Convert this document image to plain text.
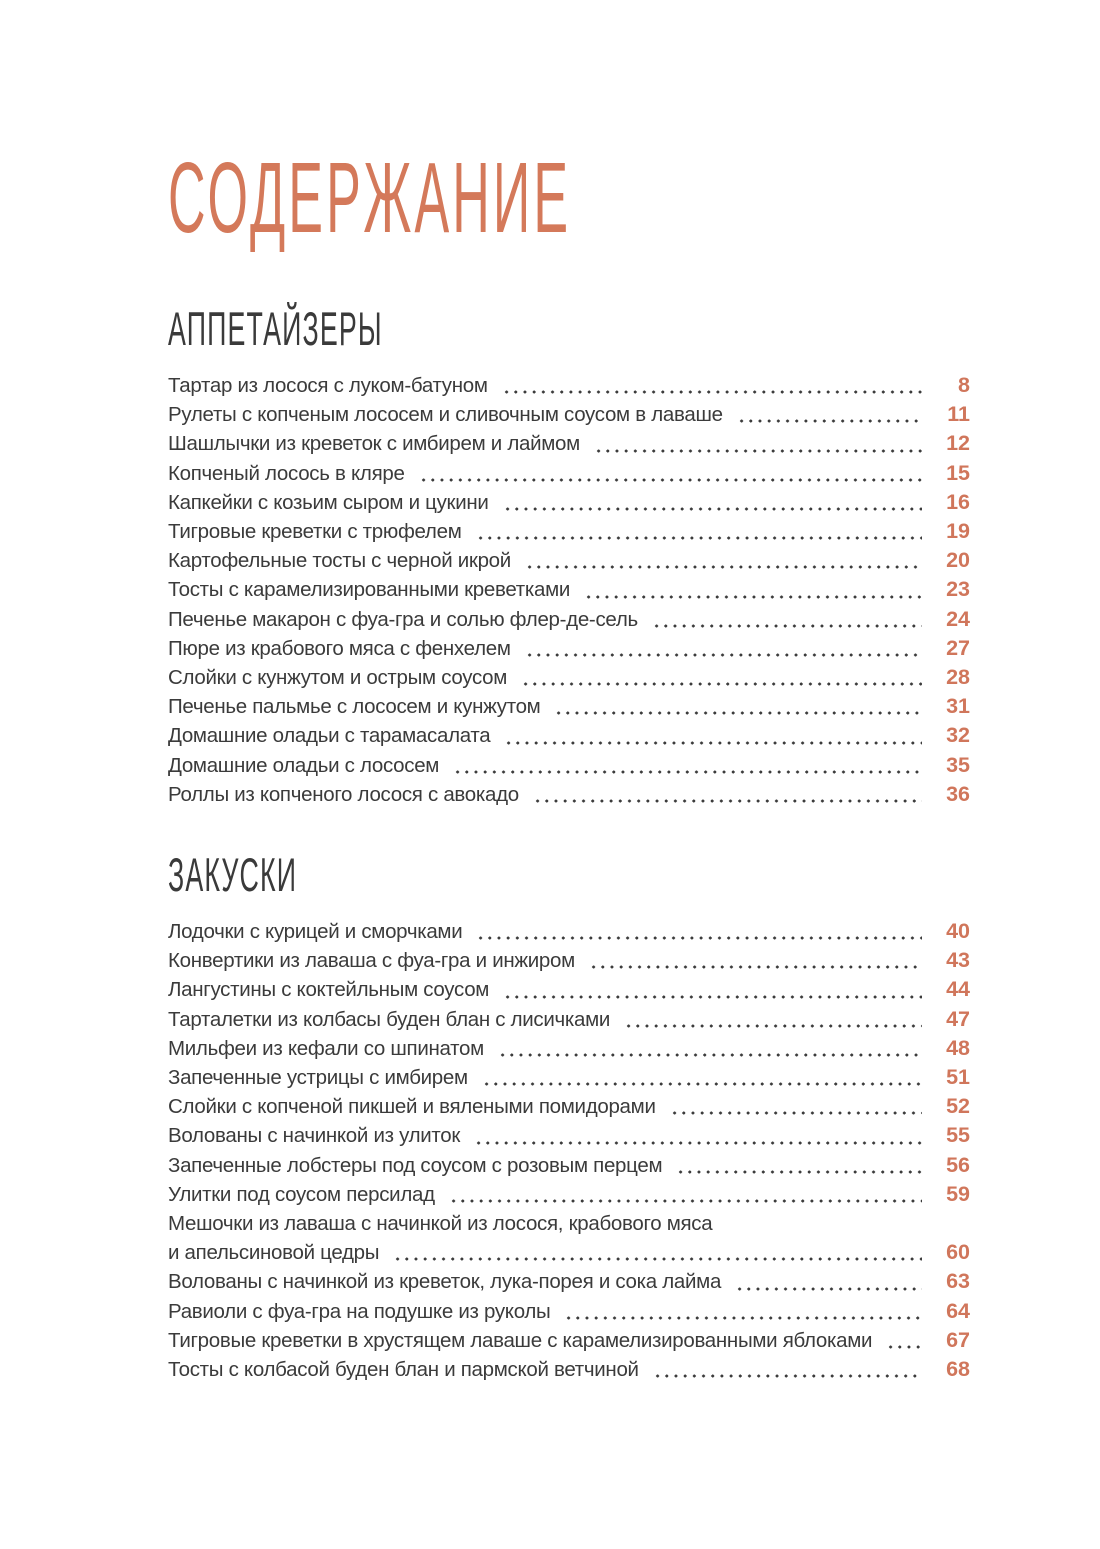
СОДЕРЖАНИЕ
АППЕТАЙЗЕРЫ
Тартар из лосося с луком-батуном	8
Рулеты с копченым лососем и сливочным соусом в лаваше	11
Шашлычки из креветок с имбирем и лаймом	12
Копченый лосось в кляре	15
Капкейки с козьим сыром и цукини	16
Тигровые креветки с трюфелем	19
Картофельные тосты с черной икрой	20
Тосты с карамелизированными креветками	23
Печенье макарон с фуа-гра и солью флер-де-сель	24
Пюре из крабового мяса с фенхелем	27
Слойки с кунжутом и острым соусом	28
Печенье пальмье с лососем и кунжутом	31
Домашние оладьи с тарамасалата	32
Домашние оладьи с лососем	35
Роллы из копченого лосося с авокадо	36
ЗАКУСКИ
Лодочки с курицей и сморчками	40
Конвертики из лаваша с фуа-гра и инжиром	43
Лангустины с коктейльным соусом	44
Тарталетки из колбасы буден блан с лисичками	47
Мильфеи из кефали со шпинатом	48
Запеченные устрицы с имбирем	51
Слойки с копченой пикшей и вялеными помидорами	52
Волованы с начинкой из улиток	55
Запеченные лобстеры под соусом с розовым перцем	56
Улитки под соусом персилад	59
Мешочки из лаваша с начинкой из лосося, крабового мяса
и апельсиновой цедры	60
Волованы с начинкой из креветок, лука-порея и сока лайма	63
Равиоли с фуа-гра на подушке из руколы	64
Тигровые креветки в хрустящем лаваше с карамелизированными яблоками	67
Тосты с колбасой буден блан и пармской ветчиной	68
